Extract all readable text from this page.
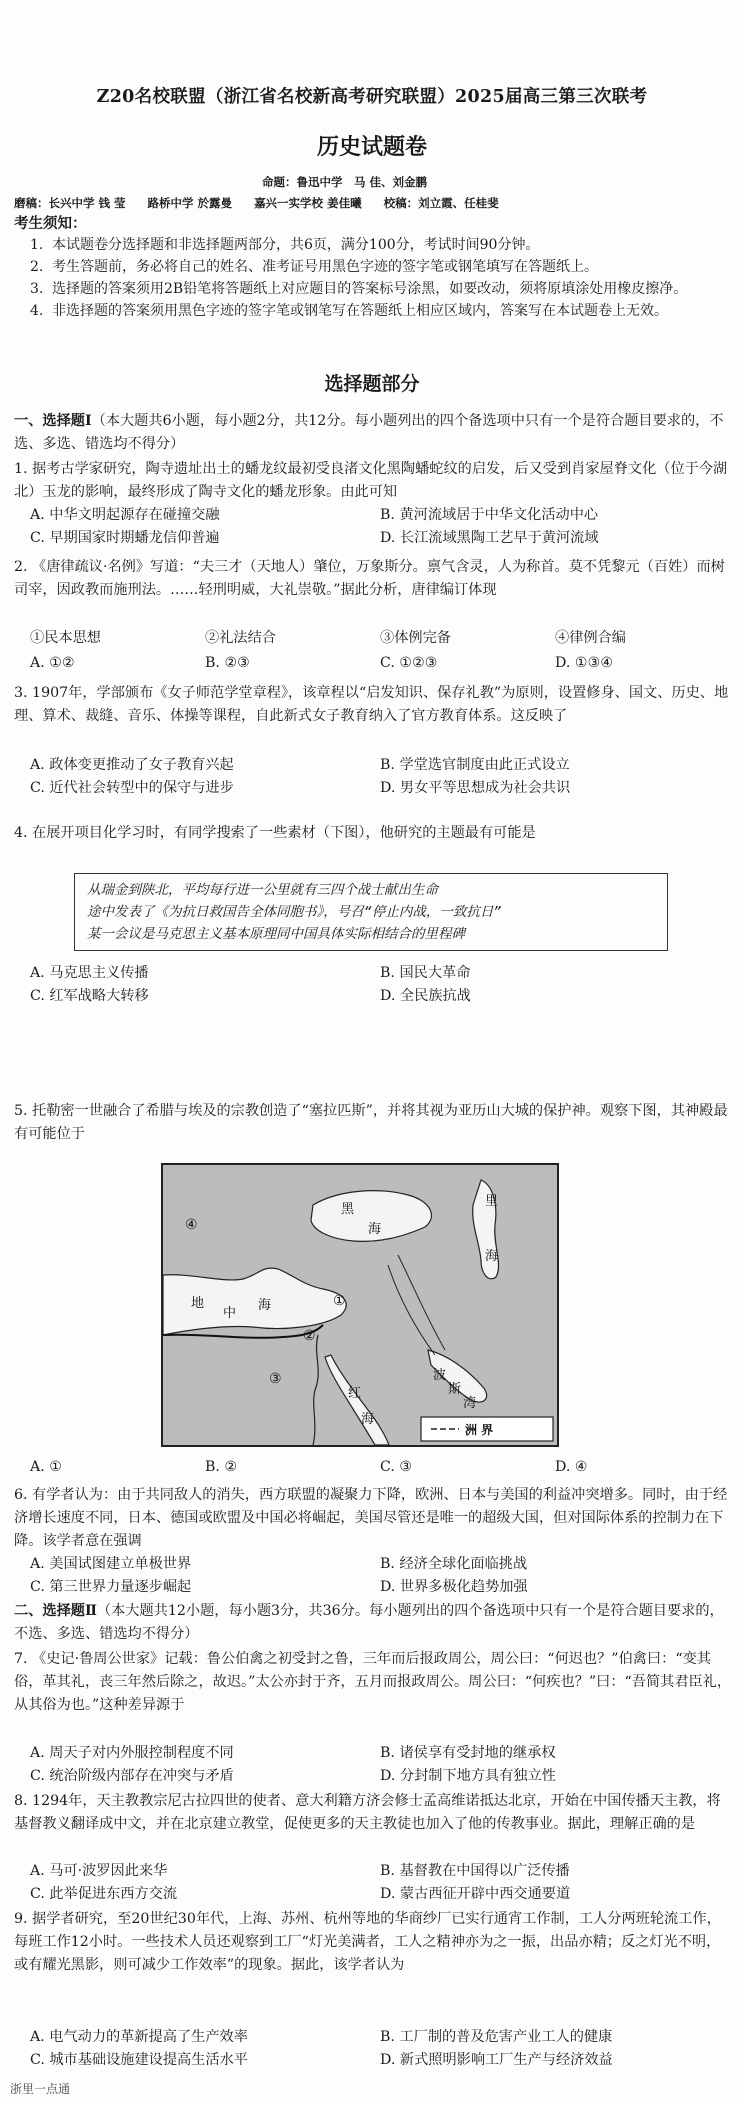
Z20名校联盟（浙江省名校新高考研究联盟）2025届高三第三次联考
历史试题卷
命题：鲁迅中学　马 佳、刘金鹏
磨稿：长兴中学 钱 莹 路桥中学 於露曼 嘉兴一实学校 姜佳曦 校稿：刘立霞、任桂斐
考生须知：
1. 本试题卷分选择题和非选择题两部分，共6页，满分100分，考试时间90分钟。
2. 考生答题前，务必将自己的姓名、准考证号用黑色字迹的签字笔或钢笔填写在答题纸上。
3. 选择题的答案须用2B铅笔将答题纸上对应题目的答案标号涂黑，如要改动，须将原填涂处用橡皮擦净。
4. 非选择题的答案须用黑色字迹的签字笔或钢笔写在答题纸上相应区域内，答案写在本试题卷上无效。
选择题部分
一、选择题Ⅰ（本大题共6小题，每小题2分，共12分。每小题列出的四个备选项中只有一个是符合题目要求的，不选、多选、错选均不得分）
1. 据考古学家研究，陶寺遗址出土的蟠龙纹最初受良渚文化黑陶蟠蛇纹的启发，后又受到肖家屋脊文化（位于今湖北）玉龙的影响，最终形成了陶寺文化的蟠龙形象。由此可知
A. 中华文明起源存在碰撞交融	B. 黄河流域居于中华文化活动中心
C. 早期国家时期蟠龙信仰普遍	D. 长江流域黑陶工艺早于黄河流域
2. 《唐律疏议·名例》写道：“夫三才（天地人）肇位，万象斯分。禀气含灵，人为称首。莫不凭黎元（百姓）而树司宰，因政教而施刑法。……轻刑明威，大礼崇敬。”据此分析，唐律编订体现
①民本思想	②礼法结合	③体例完备	④律例合编
A. ①②	B. ②③	C. ①②③	D. ①③④
3. 1907年，学部颁布《女子师范学堂章程》，该章程以“启发知识、保存礼教”为原则，设置修身、国文、历史、地理、算术、裁缝、音乐、体操等课程，自此新式女子教育纳入了官方教育体系。这反映了
A. 政体变更推动了女子教育兴起	B. 学堂选官制度由此正式设立
C. 近代社会转型中的保守与进步	D. 男女平等思想成为社会共识
4. 在展开项目化学习时，有同学搜索了一些素材（下图），他研究的主题最有可能是
从瑞金到陕北，平均每行进一公里就有三四个战士献出生命
途中发表了《为抗日救国告全体同胞书》，号召“停止内战，一致抗日”
某一会议是马克思主义基本原理同中国具体实际相结合的里程碑
A. 马克思主义传播	B. 国民大革命
C. 红军战略大转移	D. 全民族抗战
5. 托勒密一世融合了希腊与埃及的宗教创造了“塞拉匹斯”，并将其视为亚历山大城的保护神。观察下图，其神殿最有可能位于
黑
海
里
海
地
中
海
红
海
波
斯
湾
①
②
③
④
洲 界
A. ①	B. ②	C. ③	D. ④
6. 有学者认为：由于共同敌人的消失，西方联盟的凝聚力下降，欧洲、日本与美国的利益冲突增多。同时，由于经济增长速度不同，日本、德国或欧盟及中国必将崛起，美国尽管还是唯一的超级大国，但对国际体系的控制力在下降。该学者意在强调
A. 美国试图建立单极世界	B. 经济全球化面临挑战
C. 第三世界力量逐步崛起	D. 世界多极化趋势加强
二、选择题Ⅱ（本大题共12小题，每小题3分，共36分。每小题列出的四个备选项中只有一个是符合题目要求的，不选、多选、错选均不得分）
7. 《史记·鲁周公世家》记载：鲁公伯禽之初受封之鲁，三年而后报政周公，周公曰：“何迟也？”伯禽曰：“变其俗，革其礼，丧三年然后除之，故迟。”太公亦封于齐，五月而报政周公。周公曰：“何疾也？”曰：“吾简其君臣礼，从其俗为也。”这种差异源于
A. 周天子对内外服控制程度不同	B. 诸侯享有受封地的继承权
C. 统治阶级内部存在冲突与矛盾	D. 分封制下地方具有独立性
8. 1294年，天主教教宗尼古拉四世的使者、意大利籍方济会修士孟高维诺抵达北京，开始在中国传播天主教，将基督教义翻译成中文，并在北京建立教堂，促使更多的天主教徒也加入了他的传教事业。据此，理解正确的是
A. 马可·波罗因此来华	B. 基督教在中国得以广泛传播
C. 此举促进东西方交流	D. 蒙古西征开辟中西交通要道
9. 据学者研究，至20世纪30年代，上海、苏州、杭州等地的华商纱厂已实行通宵工作制，工人分两班轮流工作，每班工作12小时。一些技术人员还观察到工厂“灯光美满者，工人之精神亦为之一振，出品亦精；反之灯光不明，或有耀光黑影，则可减少工作效率”的现象。据此，该学者认为
A. 电气动力的革新提高了生产效率	B. 工厂制的普及危害产业工人的健康
C. 城市基础设施建设提高生活水平	D. 新式照明影响工厂生产与经济效益
浙里一点通
